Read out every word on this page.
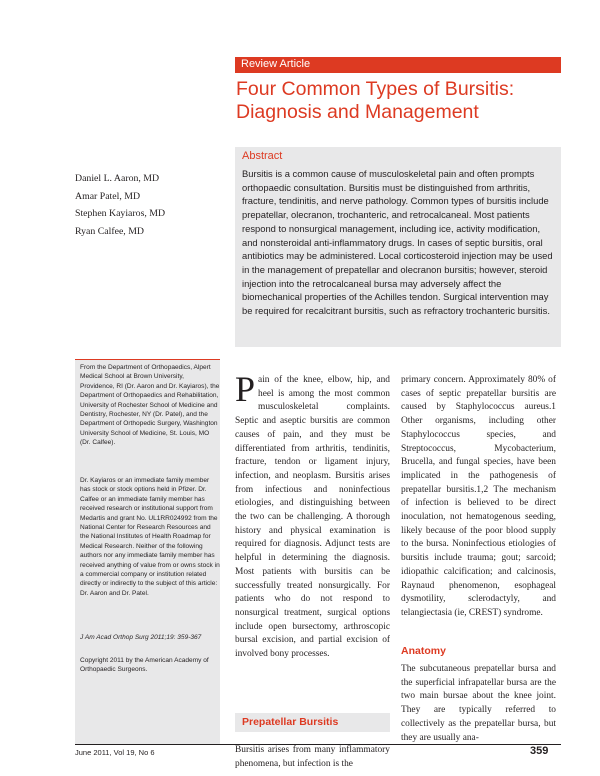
Review Article
Four Common Types of Bursitis:
Diagnosis and Management
Abstract
Bursitis is a common cause of musculoskeletal pain and often prompts orthopaedic consultation. Bursitis must be distinguished from arthritis, fracture, tendinitis, and nerve pathology. Common types of bursitis include prepatellar, olecranon, trochanteric, and retrocalcaneal. Most patients respond to nonsurgical management, including ice, activity modification, and nonsteroidal anti-inflammatory drugs. In cases of septic bursitis, oral antibiotics may be administered. Local corticosteroid injection may be used in the management of prepatellar and olecranon bursitis; however, steroid injection into the retrocalcaneal bursa may adversely affect the biomechanical properties of the Achilles tendon. Surgical intervention may be required for recalcitrant bursitis, such as refractory trochanteric bursitis.
Daniel L. Aaron, MD
Amar Patel, MD
Stephen Kayiaros, MD
Ryan Calfee, MD
From the Department of Orthopaedics, Alpert Medical School at Brown University, Providence, RI (Dr. Aaron and Dr. Kayiaros), the Department of Orthopaedics and Rehabilitation, University of Rochester School of Medicine and Dentistry, Rochester, NY (Dr. Patel), and the Department of Orthopedic Surgery, Washington University School of Medicine, St. Louis, MO (Dr. Calfee).
Dr. Kayiaros or an immediate family member has stock or stock options held in Pfizer. Dr. Calfee or an immediate family member has received research or institutional support from Medartis and grant No. UL1RR024992 from the National Center for Research Resources and the National Institutes of Health Roadmap for Medical Research. Neither of the following authors nor any immediate family member has received anything of value from or owns stock in a commercial company or institution related directly or indirectly to the subject of this article: Dr. Aaron and Dr. Patel.
J Am Acad Orthop Surg 2011;19: 359-367
Copyright 2011 by the American Academy of Orthopaedic Surgeons.
Pain of the knee, elbow, hip, and heel is among the most common musculoskeletal complaints. Septic and aseptic bursitis are common causes of pain, and they must be differentiated from arthritis, tendinitis, fracture, tendon or ligament injury, infection, and neoplasm. Bursitis arises from infectious and noninfectious etiologies, and distinguishing between the two can be challenging. A thorough history and physical examination is required for diagnosis. Adjunct tests are helpful in determining the diagnosis. Most patients with bursitis can be successfully treated nonsurgically. For patients who do not respond to nonsurgical treatment, surgical options include open bursectomy, arthroscopic bursal excision, and partial excision of involved bony processes.
Prepatellar Bursitis
Bursitis arises from many inflammatory phenomena, but infection is the
primary concern. Approximately 80% of cases of septic prepatellar bursitis are caused by Staphylococcus aureus.1 Other organisms, including other Staphylococcus species, and Streptococcus, Mycobacterium, Brucella, and fungal species, have been implicated in the pathogenesis of prepatellar bursitis.1,2 The mechanism of infection is believed to be direct inoculation, not hematogenous seeding, likely because of the poor blood supply to the bursa. Noninfectious etiologies of bursitis include trauma; gout; sarcoid; idiopathic calcification; and calcinosis, Raynaud phenomenon, esophageal dysmotility, sclerodactyly, and telangiectasia (ie, CREST) syndrome.
Anatomy
The subcutaneous prepatellar bursa and the superficial infrapatellar bursa are the two main bursae about the knee joint. They are typically referred to collectively as the prepatellar bursa, but they are usually ana-
June 2011, Vol 19, No 6	359
